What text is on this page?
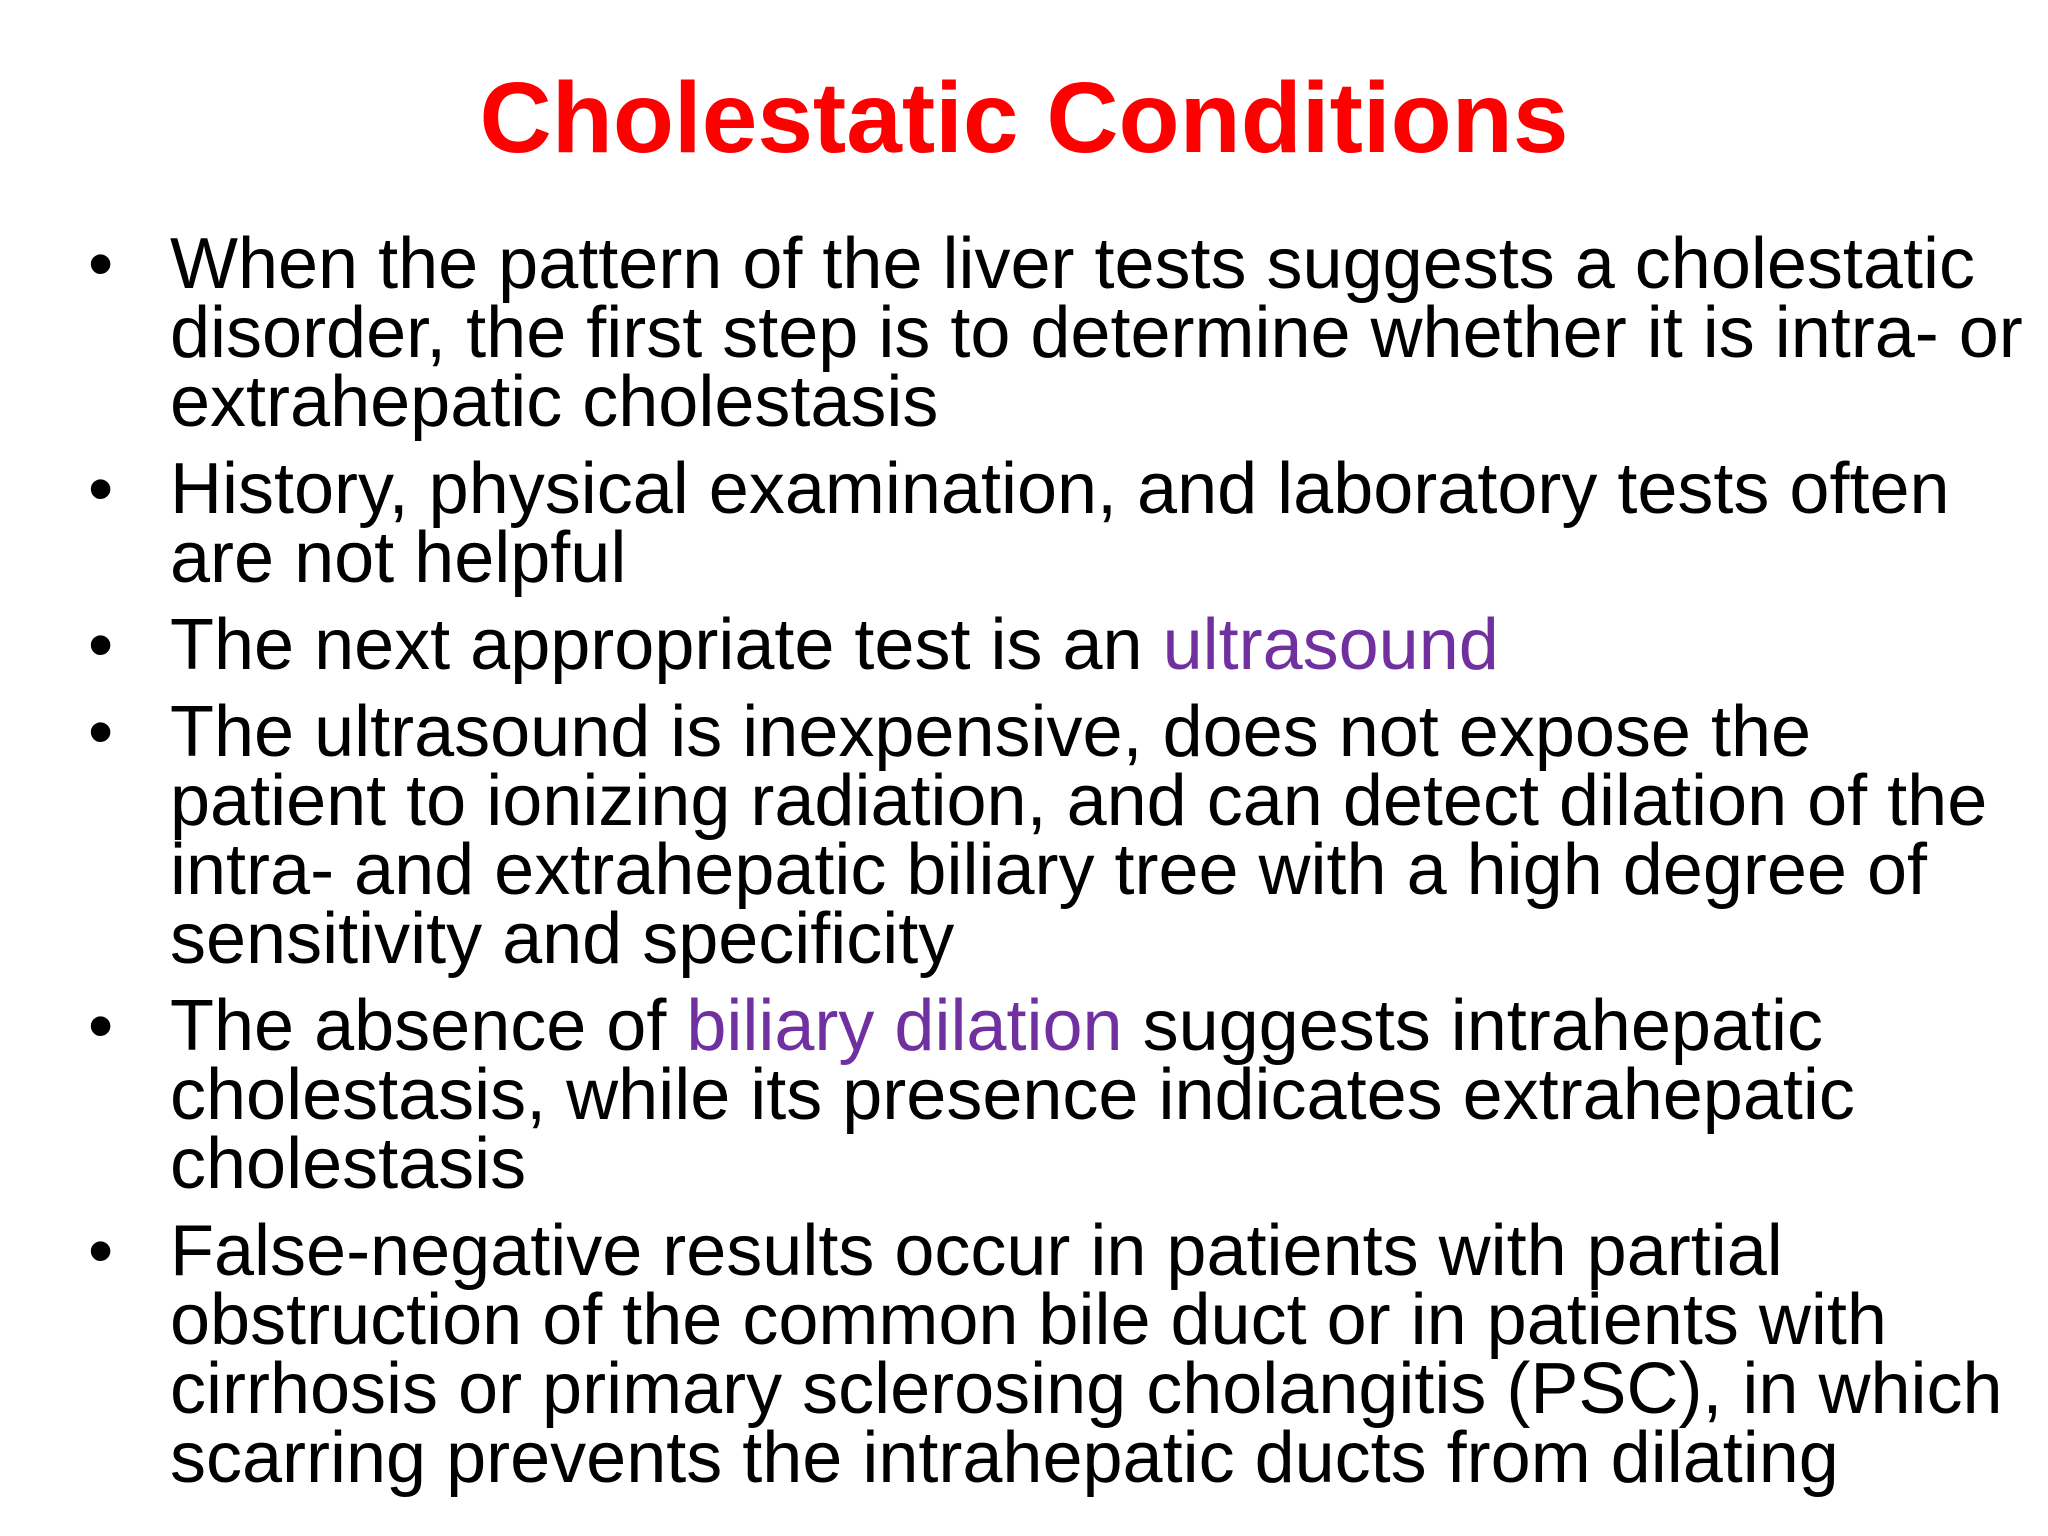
Cholestatic Conditions
• When the pattern of the liver tests suggests a cholestatic disorder, the first step is to determine whether it is intra- or extrahepatic cholestasis
• History, physical examination, and laboratory tests often are not helpful
• The next appropriate test is an ultrasound
• The ultrasound is inexpensive, does not expose the patient to ionizing radiation, and can detect dilation of the intra- and extrahepatic biliary tree with a high degree of sensitivity and specificity
• The absence of biliary dilation suggests intrahepatic cholestasis, while its presence indicates extrahepatic cholestasis
• False-negative results occur in patients with partial obstruction of the common bile duct or in patients with cirrhosis or primary sclerosing cholangitis (PSC), in which scarring prevents the intrahepatic ducts from dilating
